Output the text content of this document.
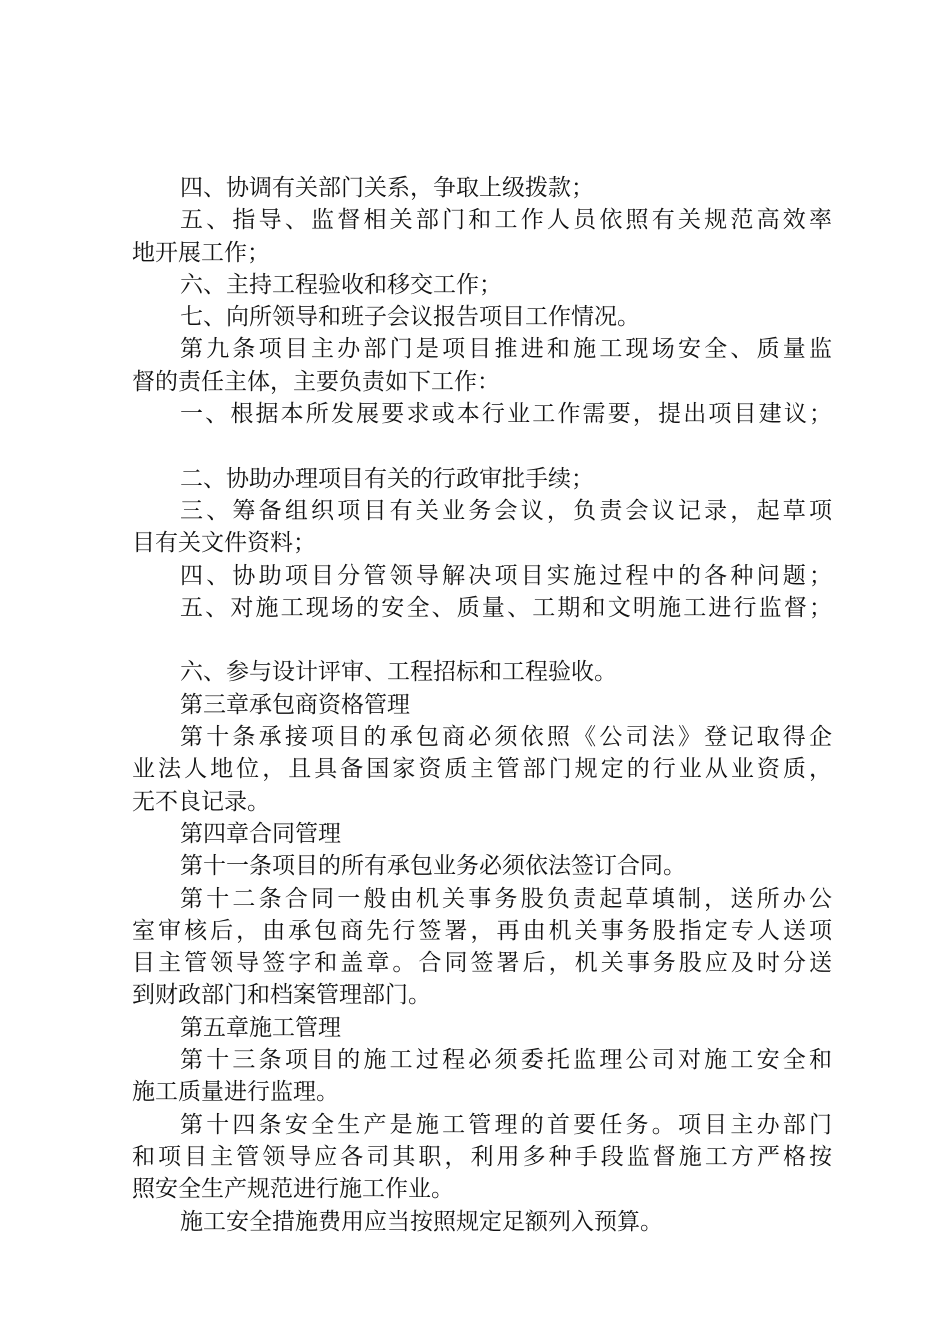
四、协调有关部门关系，争取上级拨款；
五、指导、监督相关部门和工作人员依照有关规范高效率
地开展工作；
六、主持工程验收和移交工作；
七、向所领导和班子会议报告项目工作情况。
第九条项目主办部门是项目推进和施工现场安全、质量监
督的责任主体，主要负责如下工作：
一、根据本所发展要求或本行业工作需要，提出项目建议；
二、协助办理项目有关的行政审批手续；
三、筹备组织项目有关业务会议，负责会议记录，起草项
目有关文件资料；
四、协助项目分管领导解决项目实施过程中的各种问题；
五、对施工现场的安全、质量、工期和文明施工进行监督；
六、参与设计评审、工程招标和工程验收。
第三章承包商资格管理
第十条承接项目的承包商必须依照《公司法》登记取得企
业法人地位，且具备国家资质主管部门规定的行业从业资质，
无不良记录。
第四章合同管理
第十一条项目的所有承包业务必须依法签订合同。
第十二条合同一般由机关事务股负责起草填制，送所办公
室审核后，由承包商先行签署，再由机关事务股指定专人送项
目主管领导签字和盖章。合同签署后，机关事务股应及时分送
到财政部门和档案管理部门。
第五章施工管理
第十三条项目的施工过程必须委托监理公司对施工安全和
施工质量进行监理。
第十四条安全生产是施工管理的首要任务。项目主办部门
和项目主管领导应各司其职，利用多种手段监督施工方严格按
照安全生产规范进行施工作业。
施工安全措施费用应当按照规定足额列入预算。
